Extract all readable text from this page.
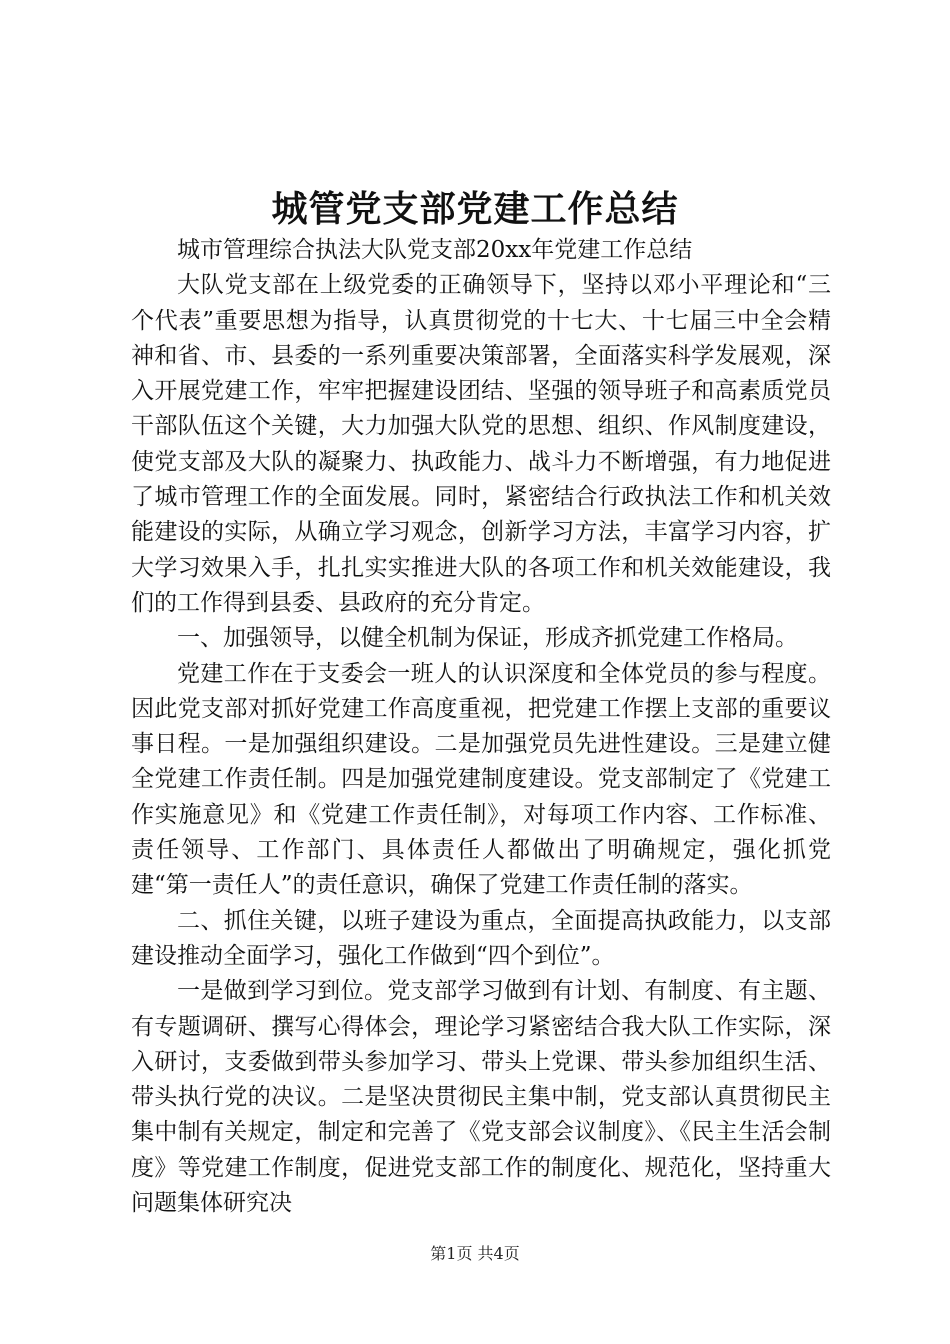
城管党支部党建工作总结

城市管理综合执法大队党支部20xx年党建工作总结

大队党支部在上级党委的正确领导下，坚持以邓小平理论和“三个代表”重要思想为指导，认真贯彻党的十七大、十七届三中全会精神和省、市、县委的一系列重要决策部署，全面落实科学发展观，深入开展党建工作，牢牢把握建设团结、坚强的领导班子和高素质党员干部队伍这个关键，大力加强大队党的思想、组织、作风制度建设，使党支部及大队的凝聚力、执政能力、战斗力不断增强，有力地促进了城市管理工作的全面发展。同时，紧密结合行政执法工作和机关效能建设的实际，从确立学习观念，创新学习方法，丰富学习内容，扩大学习效果入手，扎扎实实推进大队的各项工作和机关效能建设，我们的工作得到县委、县政府的充分肯定。

一、加强领导，以健全机制为保证，形成齐抓党建工作格局。

党建工作在于支委会一班人的认识深度和全体党员的参与程度。因此党支部对抓好党建工作高度重视，把党建工作摆上支部的重要议事日程。一是加强组织建设。二是加强党员先进性建设。三是建立健全党建工作责任制。四是加强党建制度建设。党支部制定了《党建工作实施意见》和《党建工作责任制》，对每项工作内容、工作标准、责任领导、工作部门、具体责任人都做出了明确规定，强化抓党建“第一责任人”的责任意识，确保了党建工作责任制的落实。

二、抓住关键，以班子建设为重点，全面提高执政能力，以支部建设推动全面学习，强化工作做到“四个到位”。

一是做到学习到位。党支部学习做到有计划、有制度、有主题、有专题调研、撰写心得体会，理论学习紧密结合我大队工作实际，深入研讨，支委做到带头参加学习、带头上党课、带头参加组织生活、带头执行党的决议。二是坚决贯彻民主集中制，党支部认真贯彻民主集中制有关规定，制定和完善了《党支部会议制度》、《民主生活会制度》等党建工作制度，促进党支部工作的制度化、规范化，坚持重大问题集体研究决

第1页 共4页
